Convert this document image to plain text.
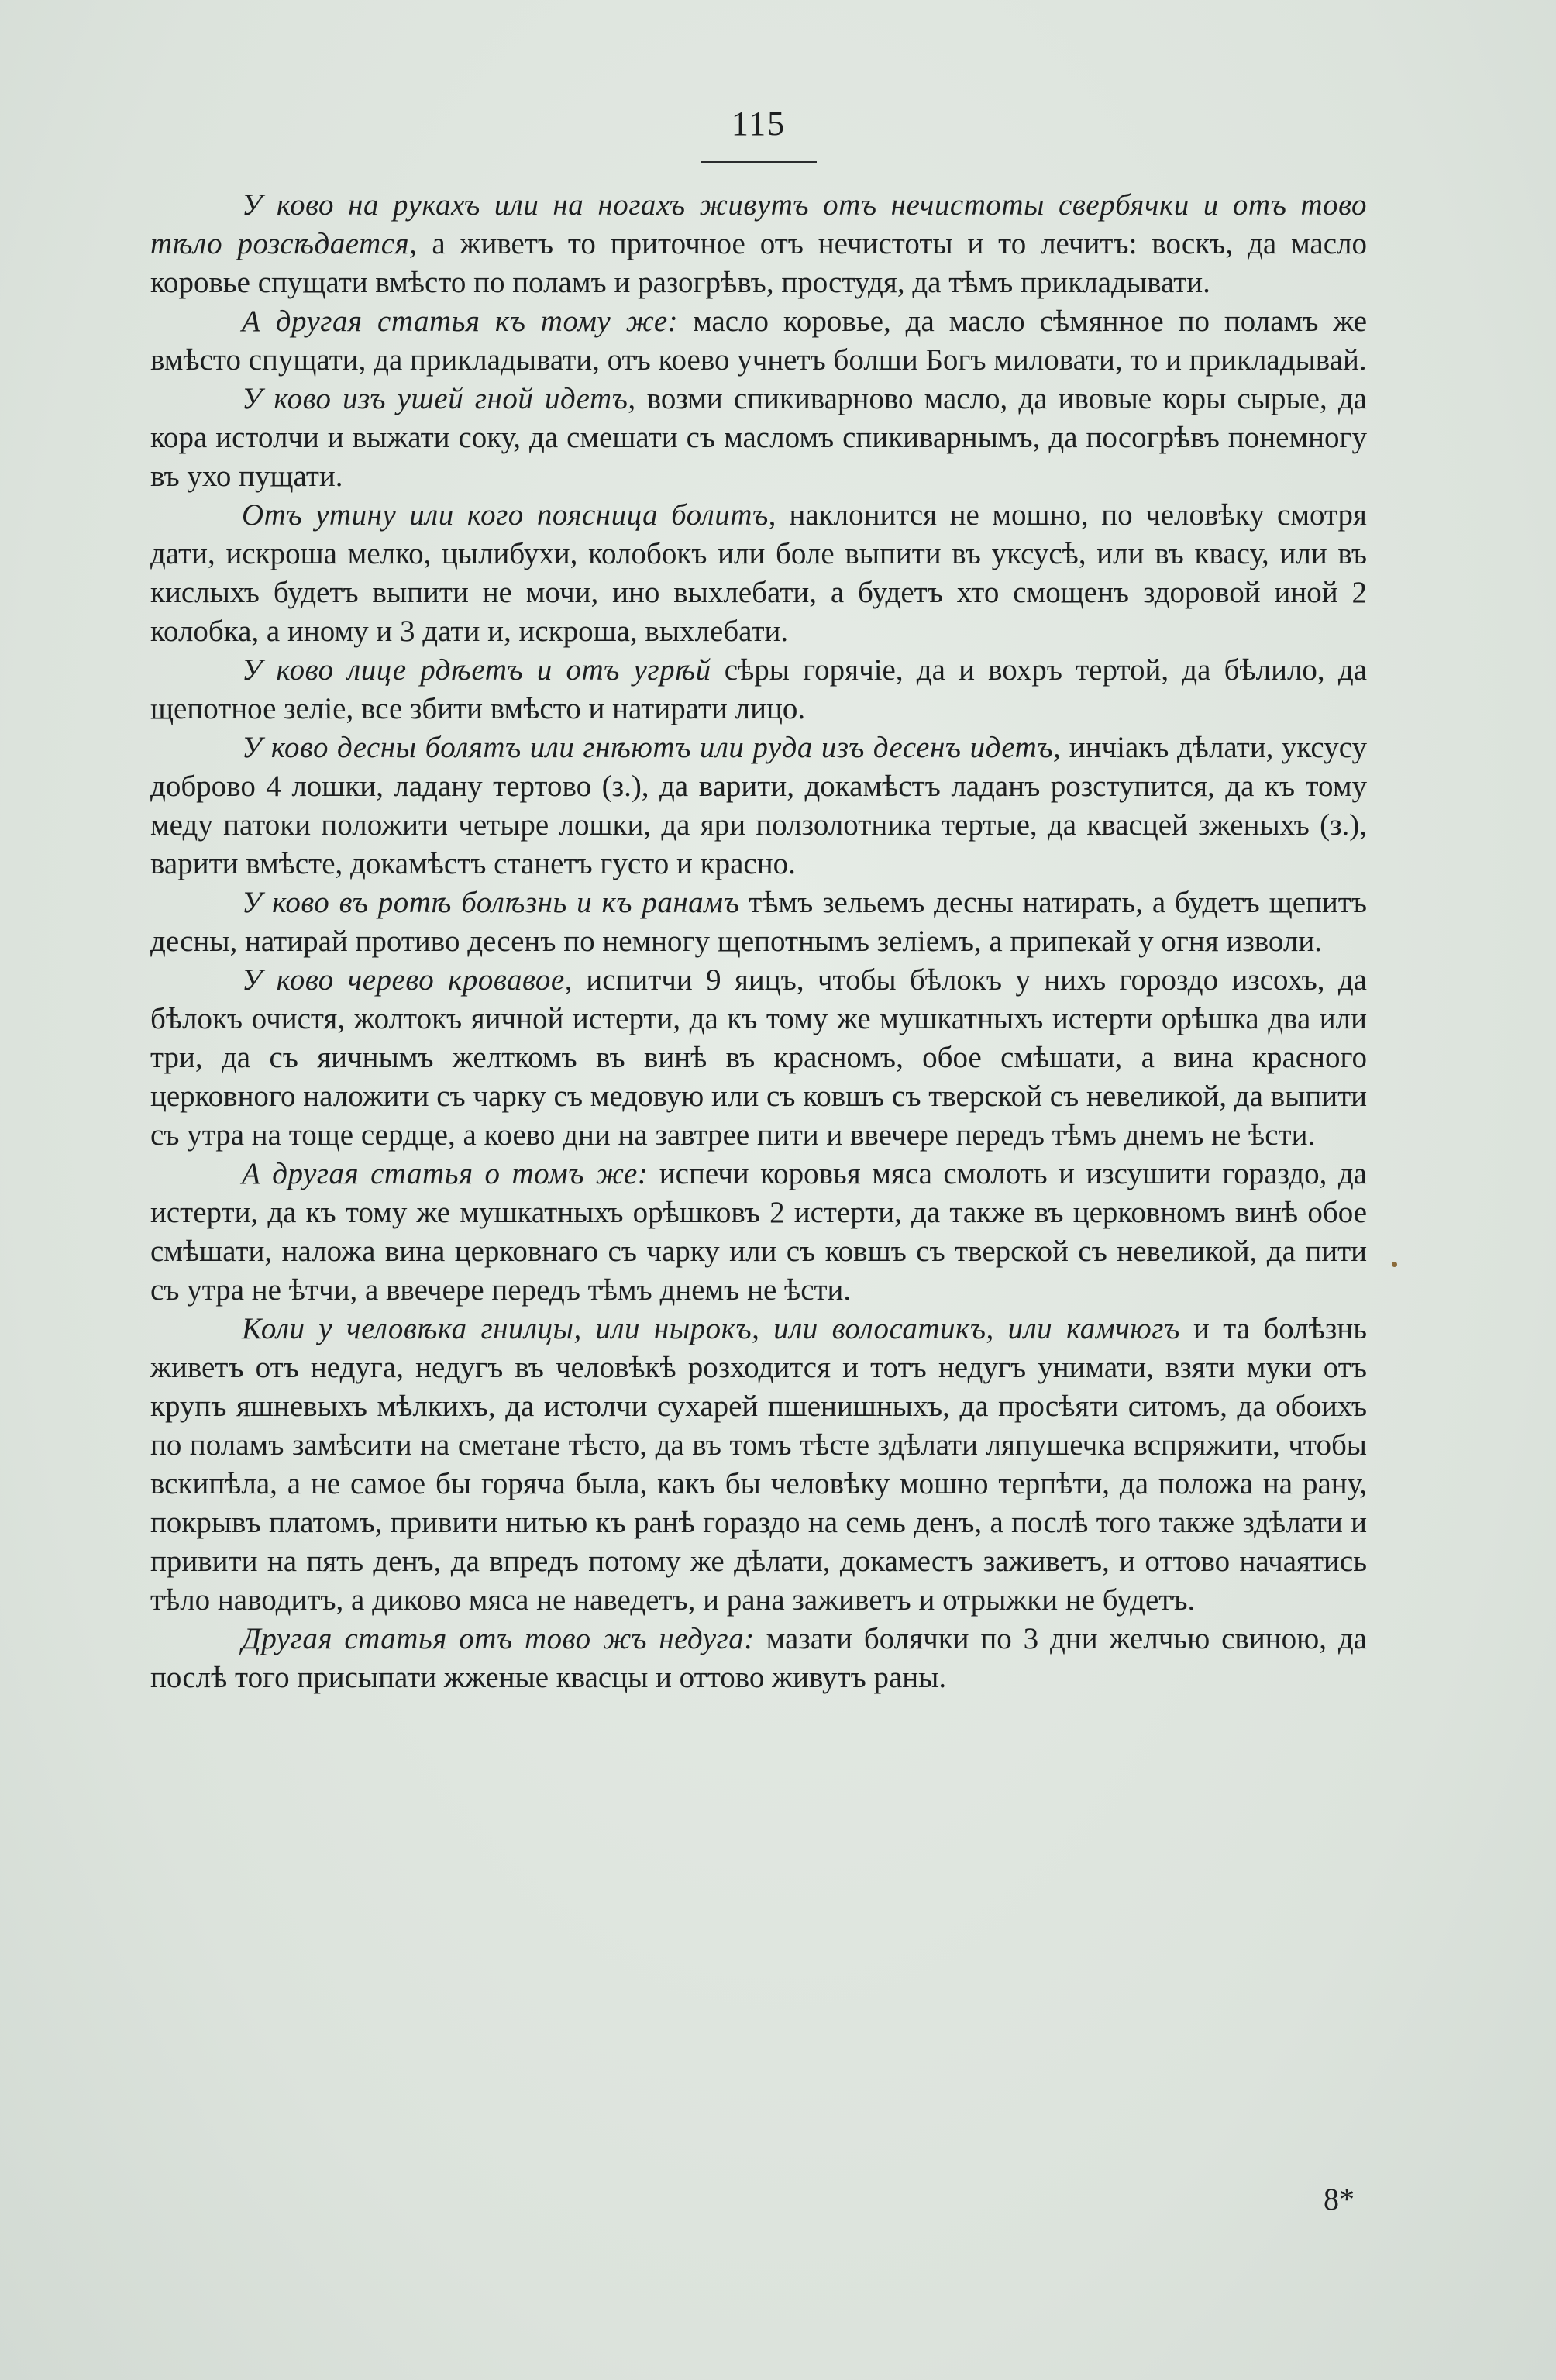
115

У ково на рукахъ или на ногахъ живутъ отъ нечистоты свербячки и отъ тово тѣло розсѣдается, а живетъ то приточное отъ нечистоты и то лечитъ: воскъ, да масло коровье спущати вмѣсто по поламъ и разогрѣвъ, простудя, да тѣмъ прикладывати.

А другая статья къ тому же: масло коровье, да масло сѣмянное по поламъ же вмѣсто спущати, да прикладывати, отъ коево учнетъ болши Богъ миловати, то и прикладывай.

У ково изъ ушей гной идетъ, возми спикиварново масло, да ивовые коры сырые, да кора истолчи и выжати соку, да смешати съ масломъ спикиварнымъ, да посогрѣвъ понемногу въ ухо пущати.

Отъ утину или кого поясница болитъ, наклонится не мошно, по человѣку смотря дати, искроша мелко, цылибухи, колобокъ или боле выпити въ уксусѣ, или въ квасу, или въ кислыхъ будетъ выпити не мочи, ино выхлебати, а будетъ хто смощенъ здоровой иной 2 колобка, а иному и 3 дати и, искроша, выхлебати.

У ково лице рдѣетъ и отъ угрѣй сѣры горячіе, да и вохръ тертой, да бѣлило, да щепотное зеліе, все збити вмѣсто и натирати лицо.

У ково десны болятъ или гнѣютъ или руда изъ десенъ идетъ, инчіакъ дѣлати, уксусу доброво 4 лошки, ладану тертово (з.), да варити, докамѣстъ ладанъ розступится, да къ тому меду патоки положити четыре лошки, да яри ползолотника тертые, да квасцей зженыхъ (з.), варити вмѣсте, докамѣстъ станетъ густо и красно.

У ково въ ротѣ болѣзнь и къ ранамъ тѣмъ зельемъ десны натирать, а будетъ щепитъ десны, натирай противо десенъ по немногу щепотнымъ зеліемъ, а припекай у огня изволи.

У ково черево кровавое, испитчи 9 яицъ, чтобы бѣлокъ у нихъ гороздо изсохъ, да бѣлокъ очистя, жолтокъ яичной истерти, да къ тому же мушкатныхъ истерти орѣшка два или три, да съ яичнымъ желткомъ въ винѣ въ красномъ, обое смѣшати, а вина красного церковного наложити съ чарку съ медовую или съ ковшъ съ тверской съ невеликой, да выпити съ утра на тоще сердце, а коево дни на завтрее пити и ввечере передъ тѣмъ днемъ не ѣсти.

А другая статья о томъ же: испечи коровья мяса смолоть и изсушити гораздо, да истерти, да къ тому же мушкатныхъ орѣшковъ 2 истерти, да также въ церковномъ винѣ обое смѣшати, наложа вина церковнаго съ чарку или съ ковшъ съ тверской съ невеликой, да пити съ утра не ѣтчи, а ввечере передъ тѣмъ днемъ не ѣсти.

Коли у человѣка гнилцы, или нырокъ, или волосатикъ, или камчюгъ и та болѣзнь живетъ отъ недуга, недугъ въ человѣкѣ розходится и тотъ недугъ унимати, взяти муки отъ крупъ яшневыхъ мѣлкихъ, да истолчи сухарей пшенишныхъ, да просѣяти ситомъ, да обоихъ по поламъ замѣсити на сметане тѣсто, да въ томъ тѣсте здѣлати ляпушечка вспряжити, чтобы вскипѣла, а не самое бы горяча была, какъ бы человѣку мошно терпѣти, да положа на рану, покрывъ платомъ, привити нитью къ ранѣ гораздо на семь денъ, а послѣ того также здѣлати и привити на пять денъ, да впредъ потому же дѣлати, докаместъ заживетъ, и оттово начаятись тѣло наводитъ, а диково мяса не наведетъ, и рана заживетъ и отрыжки не будетъ.

Другая статья отъ тово жъ недуга: мазати болячки по 3 дни желчью свиною, да послѣ того присыпати жженые квасцы и оттово живутъ раны.

8*
